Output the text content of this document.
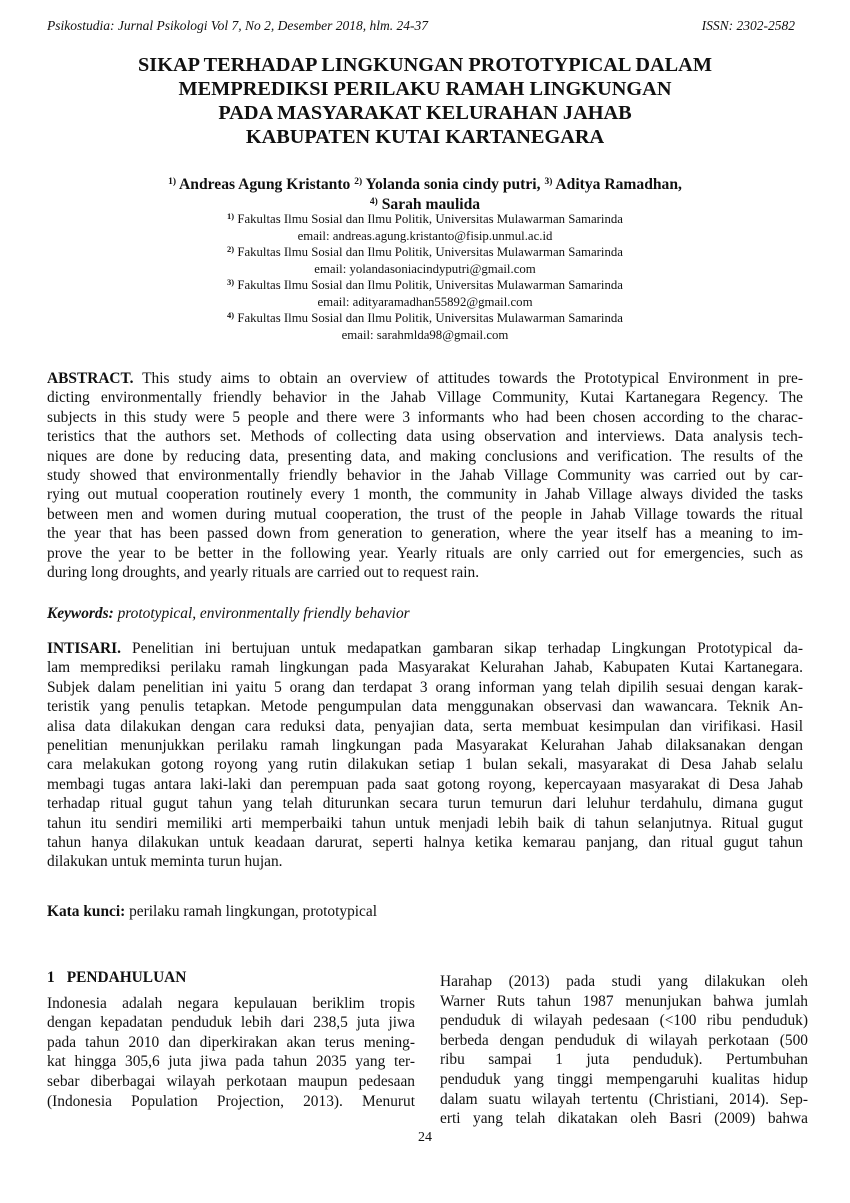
Psikostudia: Jurnal Psikologi Vol 7, No 2, Desember 2018, hlm. 24-37	ISSN: 2302-2582
SIKAP TERHADAP LINGKUNGAN PROTOTYPICAL DALAM
MEMPREDIKSI PERILAKU RAMAH LINGKUNGAN
PADA MASYARAKAT KELURAHAN JAHAB
KABUPATEN KUTAI KARTANEGARA
$^{1)}$ Andreas Agung Kristanto $^{2)}$ Yolanda sonia cindy putri, $^{3)}$ Aditya Ramadhan,
$^{4)}$ Sarah maulida
$^{1)}$ Fakultas Ilmu Sosial dan Ilmu Politik, Universitas Mulawarman Samarinda
email: andreas.agung.kristanto@fisip.unmul.ac.id
$^{2)}$ Fakultas Ilmu Sosial dan Ilmu Politik, Universitas Mulawarman Samarinda
email: yolandasoniacindyputri@gmail.com
$^{3)}$ Fakultas Ilmu Sosial dan Ilmu Politik, Universitas Mulawarman Samarinda
email: adityaramadhan55892@gmail.com
$^{4)}$ Fakultas Ilmu Sosial dan Ilmu Politik, Universitas Mulawarman Samarinda
email: sarahmlda98@gmail.com
ABSTRACT. This study aims to obtain an overview of attitudes towards the Prototypical Environment in pre-
dicting environmentally friendly behavior in the Jahab Village Community, Kutai Kartanegara Regency. The
subjects in this study were 5 people and there were 3 informants who had been chosen according to the charac-
teristics that the authors set. Methods of collecting data using observation and interviews. Data analysis tech-
niques are done by reducing data, presenting data, and making conclusions and verification. The results of the
study showed that environmentally friendly behavior in the Jahab Village Community was carried out by car-
rying out mutual cooperation routinely every 1 month, the community in Jahab Village always divided the tasks
between men and women during mutual cooperation, the trust of the people in Jahab Village towards the ritual
the year that has been passed down from generation to generation, where the year itself has a meaning to im-
prove the year to be better in the following year. Yearly rituals are only carried out for emergencies, such as
during long droughts, and yearly rituals are carried out to request rain.
Keywords: prototypical, environmentally friendly behavior
INTISARI. Penelitian ini bertujuan untuk medapatkan gambaran sikap terhadap Lingkungan Prototypical da-
lam memprediksi perilaku ramah lingkungan pada Masyarakat Kelurahan Jahab, Kabupaten Kutai Kartanegara.
Subjek dalam penelitian ini yaitu 5 orang dan terdapat 3 orang informan yang telah dipilih sesuai dengan karak-
teristik yang penulis tetapkan. Metode pengumpulan data menggunakan observasi dan wawancara. Teknik An-
alisa data dilakukan dengan cara reduksi data, penyajian data, serta membuat kesimpulan dan virifikasi. Hasil
penelitian menunjukkan perilaku ramah lingkungan pada Masyarakat Kelurahan Jahab dilaksanakan dengan
cara melakukan gotong royong yang rutin dilakukan setiap 1 bulan sekali, masyarakat di Desa Jahab selalu
membagi tugas antara laki-laki dan perempuan pada saat gotong royong, kepercayaan masyarakat di Desa Jahab
terhadap ritual gugut tahun yang telah diturunkan secara turun temurun dari leluhur terdahulu, dimana gugut
tahun itu sendiri memiliki arti memperbaiki tahun untuk menjadi lebih baik di tahun selanjutnya. Ritual gugut
tahun hanya dilakukan untuk keadaan darurat, seperti halnya ketika kemarau panjang, dan ritual gugut tahun
dilakukan untuk meminta turun hujan.
Kata kunci: perilaku ramah lingkungan, prototypical
1 PENDAHULUAN
Indonesia adalah negara kepulauan beriklim tropis
dengan kepadatan penduduk lebih dari 238,5 juta jiwa
pada tahun 2010 dan diperkirakan akan terus mening-
kat hingga 305,6 juta jiwa pada tahun 2035 yang ter-
sebar diberbagai wilayah perkotaan maupun pedesaan
(Indonesia Population Projection, 2013). Menurut
Harahap (2013) pada studi yang dilakukan oleh
Warner Ruts tahun 1987 menunjukan bahwa jumlah
penduduk di wilayah pedesaan (<100 ribu penduduk)
berbeda dengan penduduk di wilayah perkotaan (500
ribu sampai 1 juta penduduk). Pertumbuhan
penduduk yang tinggi mempengaruhi kualitas hidup
dalam suatu wilayah tertentu (Christiani, 2014). Sep-
erti yang telah dikatakan oleh Basri (2009) bahwa
24
